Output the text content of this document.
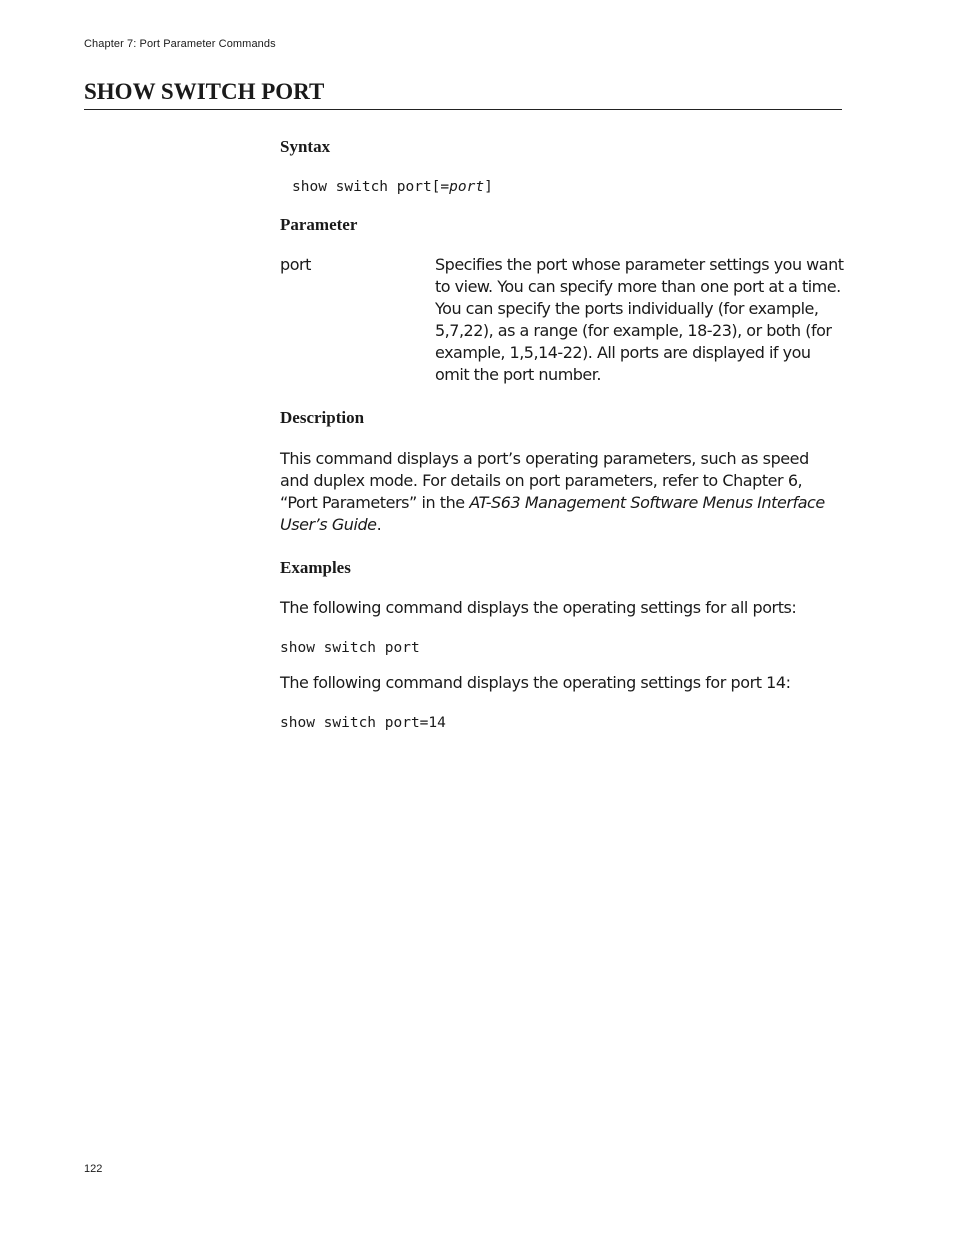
Chapter 7: Port Parameter Commands
SHOW SWITCH PORT
Syntax
show switch port[=port]
Parameter
port	Specifies the port whose parameter settings you want to view. You can specify more than one port at a time. You can specify the ports individually (for example, 5,7,22), as a range (for example, 18-23), or both (for example, 1,5,14-22). All ports are displayed if you omit the port number.

Description

This command displays a port’s operating parameters, such as speed and duplex mode. For details on port parameters, refer to Chapter 6, “Port Parameters” in the AT-S63 Management Software Menus Interface User’s Guide.

Examples

The following command displays the operating settings for all ports:

show switch port

The following command displays the operating settings for port 14:

show switch port=14
122
